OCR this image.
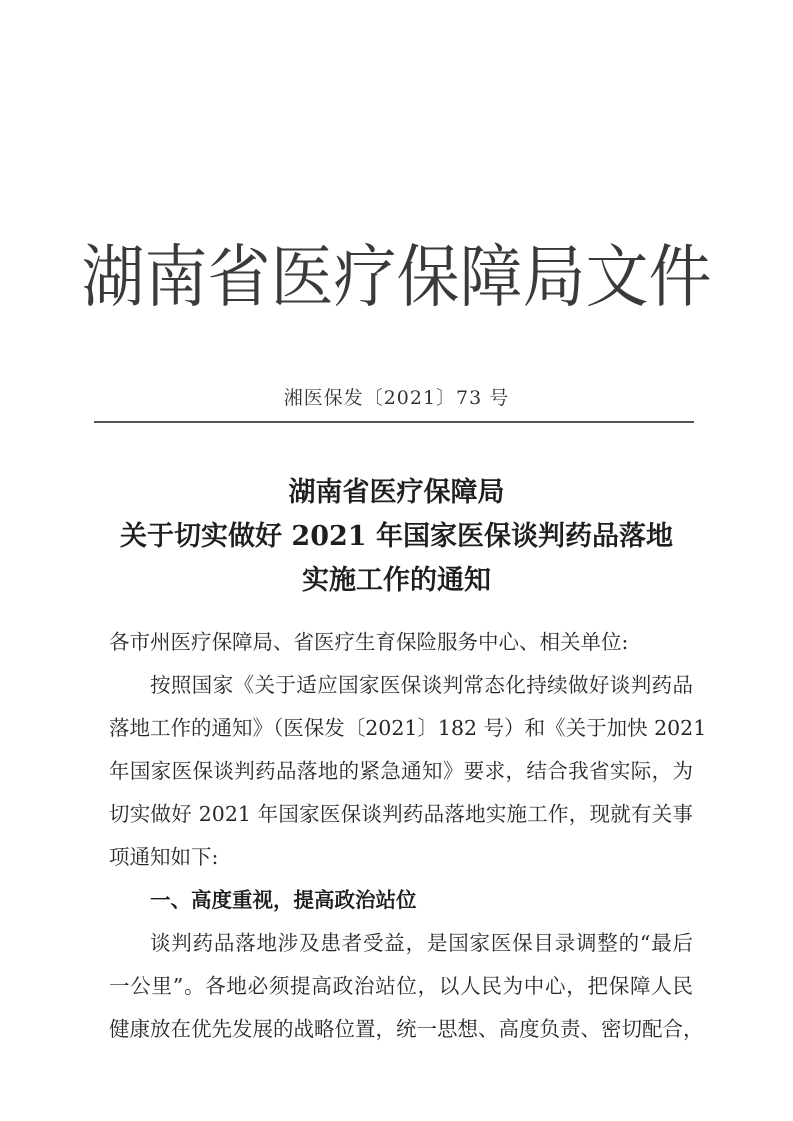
湖南省医疗保障局文件
湘医保发〔2021〕73 号
湖南省医疗保障局
关于切实做好 2021 年国家医保谈判药品落地
实施工作的通知
各市州医疗保障局、省医疗生育保险服务中心、相关单位:
按照国家《关于适应国家医保谈判常态化持续做好谈判药品
落地工作的通知》（医保发〔2021〕182 号）和《关于加快 2021
年国家医保谈判药品落地的紧急通知》要求，结合我省实际，为
切实做好 2021 年国家医保谈判药品落地实施工作，现就有关事
项通知如下:
一、高度重视，提高政治站位
谈判药品落地涉及患者受益，是国家医保目录调整的“最后
一公里”。各地必须提高政治站位，以人民为中心，把保障人民
健康放在优先发展的战略位置，统一思想、高度负责、密切配合，
